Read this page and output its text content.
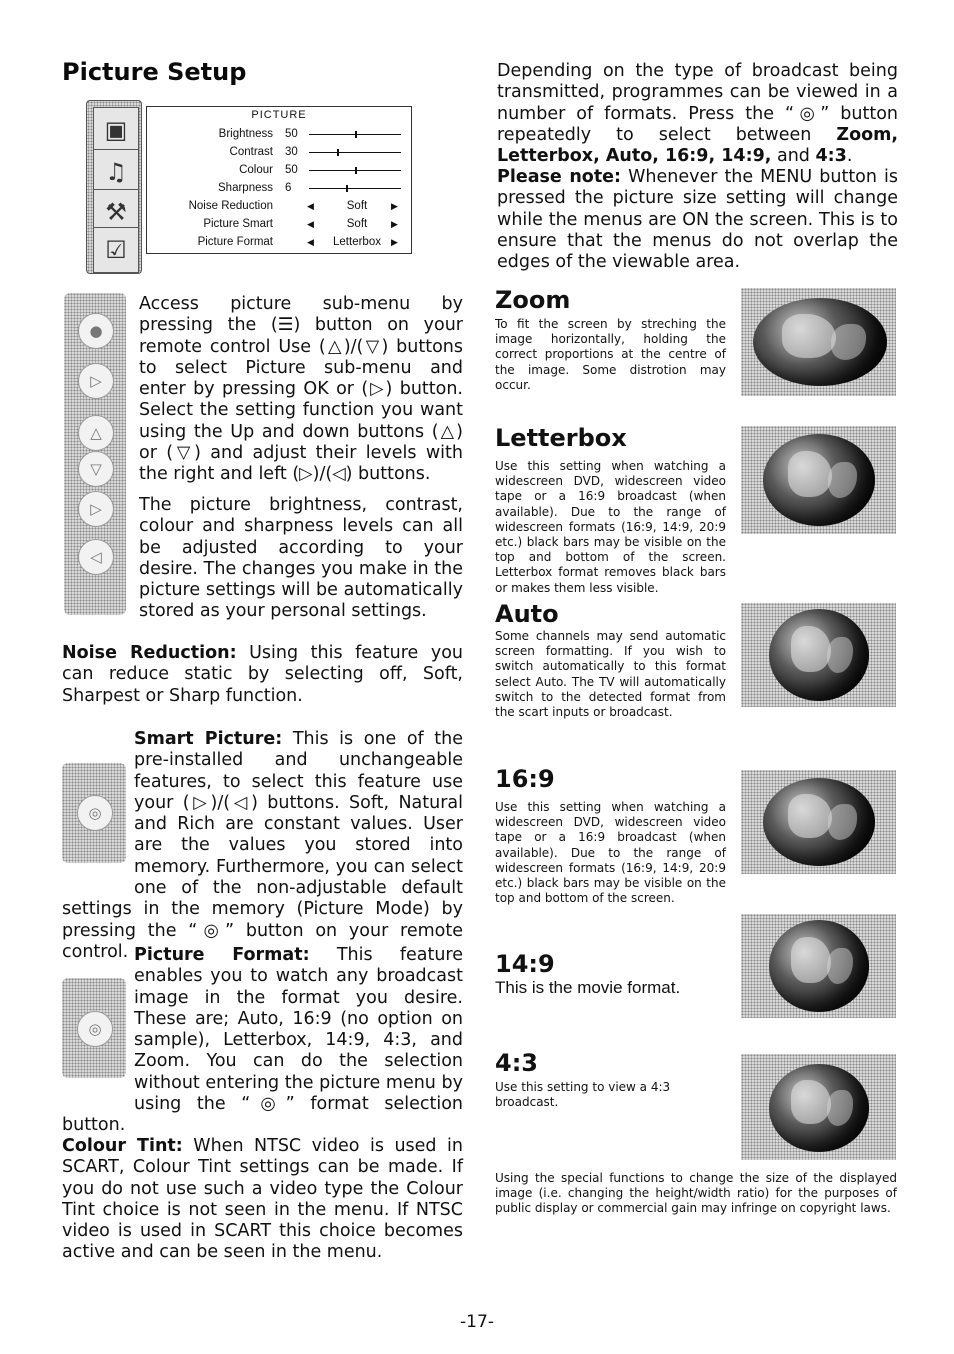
Picture Setup
▣
♫
⚒
☑
PICTURE
Brightness	50
Contrast	30
Colour	50
Sharpness	6
Noise Reduction	◀	Soft	▶
Picture Smart	◀	Soft	▶
Picture Format	◀	Letterbox	▶
●
▷
△
▽
▷
◁
Access picture sub-menu by pressing the (☰) button on your remote control Use (△)/(▽) buttons to select Picture sub-menu and enter by pressing OK or (▷) button. Select the setting function you want using the Up and down buttons (△) or (▽) and adjust their levels with the right and left (▷)/(◁) buttons.
The picture brightness, contrast, colour and sharpness levels can all be adjusted according to your desire. The changes you make in the picture settings will be automatically stored as your personal settings.
Noise Reduction: Using this feature you can reduce static by selecting off, Soft, Sharpest or Sharp function.
◎
Smart Picture: This is one of the pre-installed and unchangeable features, to select this feature use your (▷)/(◁) buttons. Soft, Natural and Rich are constant values. User are the values you stored into memory. Furthermore, you can select one of the non-adjustable default settings in the memory (Picture Mode) by pressing the “◎” button on your remote control.
◎
Picture Format: This feature enables you to watch any broadcast image in the format you desire. These are; Auto, 16:9 (no option on sample), Letterbox, 14:9, 4:3, and Zoom. You can do the selection without entering the picture menu by using the “◎” format selection button.
Colour Tint: When NTSC video is used in SCART, Colour Tint settings can be made. If you do not use such a video type the Colour Tint choice is not seen in the menu. If NTSC video is used in SCART this choice becomes active and can be seen in the menu.
Depending on the type of broadcast being transmitted, programmes can be viewed in a number of formats. Press the “◎” button repeatedly to select between Zoom, Letterbox, Auto, 16:9, 14:9, and 4:3.
Please note: Whenever the MENU button is pressed the picture size setting will change while the menus are ON the screen. This is to ensure that the menus do not overlap the edges of the viewable area.
Zoom
To fit the screen by streching the image horizontally, holding the correct proportions at the centre of the image. Some distrotion may occur.
Letterbox
Use this setting when watching a widescreen DVD, widescreen video tape or a 16:9 broadcast (when available). Due to the range of widescreen formats (16:9, 14:9, 20:9 etc.) black bars may be visible on the top and bottom of the screen. Letterbox format removes black bars or makes them less visible.
Auto
Some channels may send automatic screen formatting. If you wish to switch automatically to this format select Auto. The TV will automatically switch to the detected format from the scart inputs or broadcast.
16:9
Use this setting when watching a widescreen DVD, widescreen video tape or a 16:9 broadcast (when available). Due to the range of widescreen formats (16:9, 14:9, 20:9 etc.) black bars may be visible on the top and bottom of the screen.
14:9
This is the movie format.
4:3
Use this setting to view a 4:3 broadcast.
Using the special functions to change the size of the displayed image (i.e. changing the height/width ratio) for the purposes of public display or commercial gain may infringe on copyright laws.
-17-
